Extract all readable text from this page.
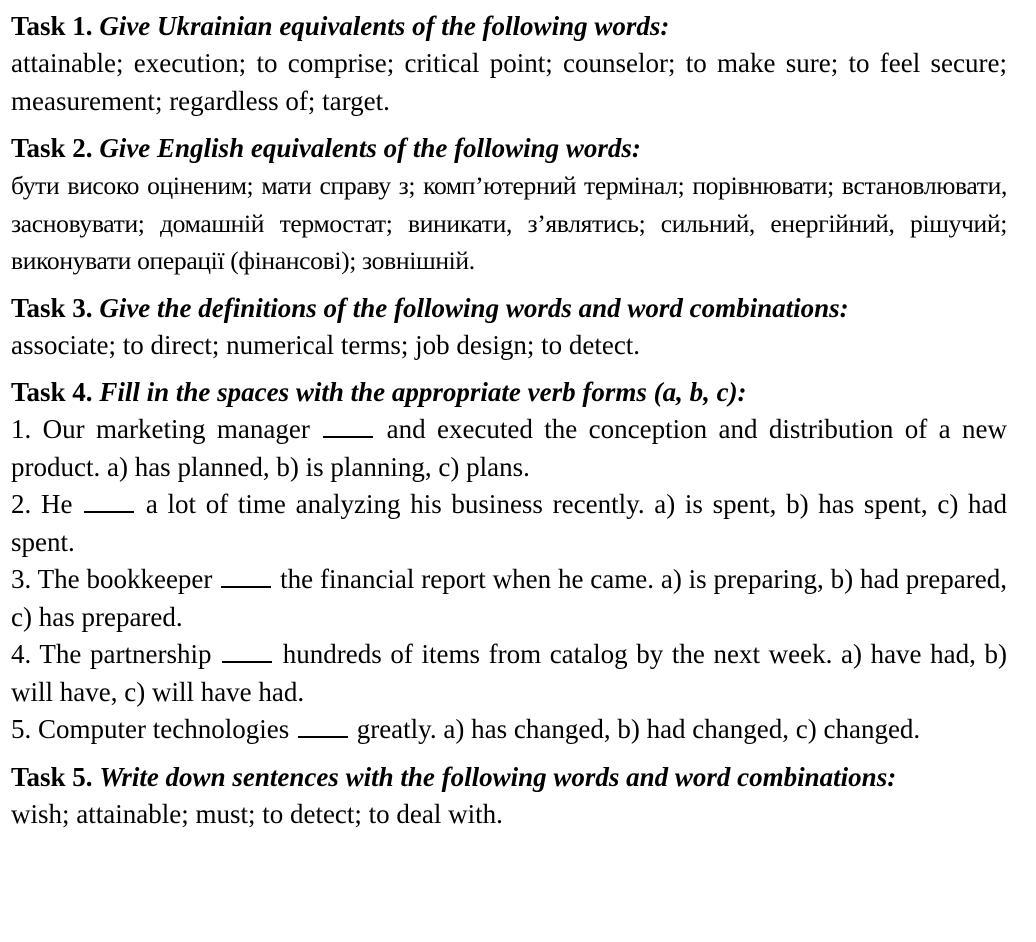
Task 1. Give Ukrainian equivalents of the following words:

attainable; execution; to comprise; critical point; counselor; to make sure; to feel secure; measurement; regardless of; target.

Task 2. Give English equivalents of the following words:

бути високо оціненим; мати справу з; комп’ютерний термінал; порівнювати; встановлювати, засновувати; домашній термостат; виникати, з’являтись; сильний, енергійний, рішучий; виконувати операції (фінансові); зовнішній.

Task 3. Give the definitions of the following words and word combinations:

associate; to direct; numerical terms; job design; to detect.

Task 4. Fill in the spaces with the appropriate verb forms (a, b, c):

1. Our marketing manager	and executed the conception and distribution of a new product. a) has planned, b) is planning, c) plans.

2. He	a lot of time analyzing his business recently. a) is spent, b) has spent, c) had spent.

3. The bookkeeper	the financial report when he came. a) is preparing, b) had prepared, c) has prepared.

4. The partnership	hundreds of items from catalog by the next week. a) have had, b) will have, c) will have had.

5. Computer technologies	greatly. a) has changed, b) had changed, c) changed.

Task 5. Write down sentences with the following words and word combinations:

wish; attainable; must; to detect; to deal with.
